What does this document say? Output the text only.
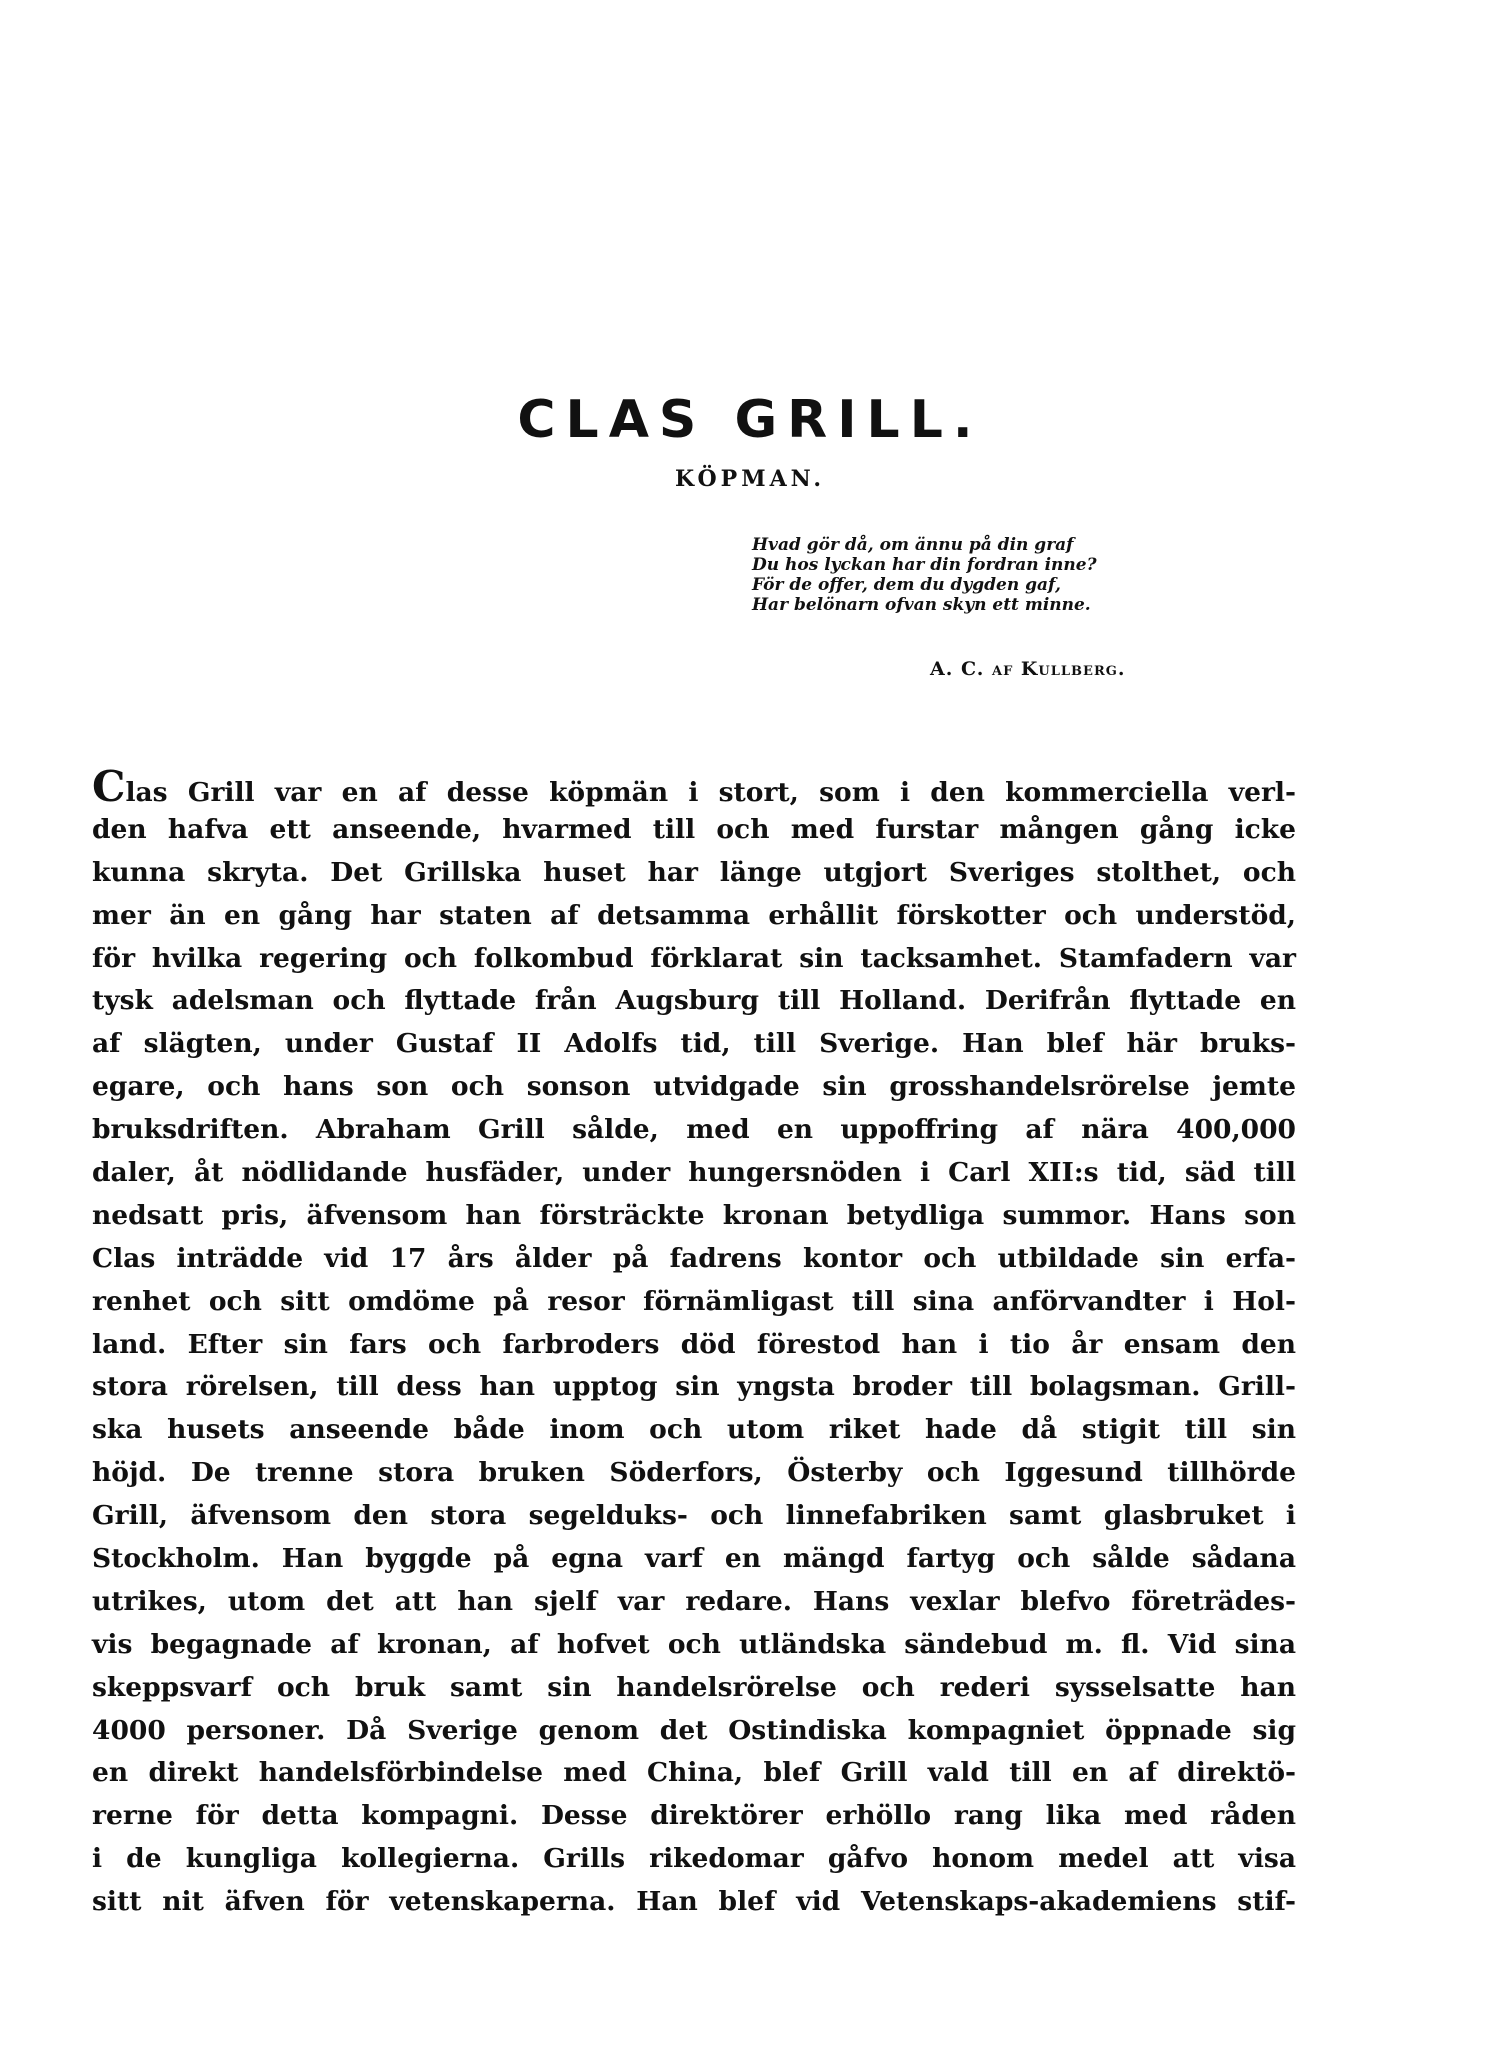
CLAS GRILL.
KÖPMAN.
Hvad gör då, om ännu på din graf
Du hos lyckan har din fordran inne?
För de offer, dem du dygden gaf,
Har belönarn ofvan skyn ett minne.
A. C. af Kullberg.
Clas Grill var en af desse köpmän i stort, som i den kommerciella verl-
den hafva ett anseende, hvarmed till och med furstar mången gång icke
kunna skryta. Det Grillska huset har länge utgjort Sveriges stolthet, och
mer än en gång har staten af detsamma erhållit förskotter och understöd,
för hvilka regering och folkombud förklarat sin tacksamhet. Stamfadern var
tysk adelsman och flyttade från Augsburg till Holland. Derifrån flyttade en
af slägten, under Gustaf II Adolfs tid, till Sverige. Han blef här bruks-
egare, och hans son och sonson utvidgade sin grosshandelsrörelse jemte
bruksdriften. Abraham Grill sålde, med en uppoffring af nära 400,000
daler, åt nödlidande husfäder, under hungersnöden i Carl XII:s tid, säd till
nedsatt pris, äfvensom han försträckte kronan betydliga summor. Hans son
Clas inträdde vid 17 års ålder på fadrens kontor och utbildade sin erfa-
renhet och sitt omdöme på resor förnämligast till sina anförvandter i Hol-
land. Efter sin fars och farbroders död förestod han i tio år ensam den
stora rörelsen, till dess han upptog sin yngsta broder till bolagsman. Grill-
ska husets anseende både inom och utom riket hade då stigit till sin
höjd. De trenne stora bruken Söderfors, Österby och Iggesund tillhörde
Grill, äfvensom den stora segelduks- och linnefabriken samt glasbruket i
Stockholm. Han byggde på egna varf en mängd fartyg och sålde sådana
utrikes, utom det att han sjelf var redare. Hans vexlar blefvo företrädes-
vis begagnade af kronan, af hofvet och utländska sändebud m. fl. Vid sina
skeppsvarf och bruk samt sin handelsrörelse och rederi sysselsatte han
4000 personer. Då Sverige genom det Ostindiska kompagniet öppnade sig
en direkt handelsförbindelse med China, blef Grill vald till en af direktö-
rerne för detta kompagni. Desse direktörer erhöllo rang lika med råden
i de kungliga kollegierna. Grills rikedomar gåfvo honom medel att visa
sitt nit äfven för vetenskaperna. Han blef vid Vetenskaps-akademiens stif-
